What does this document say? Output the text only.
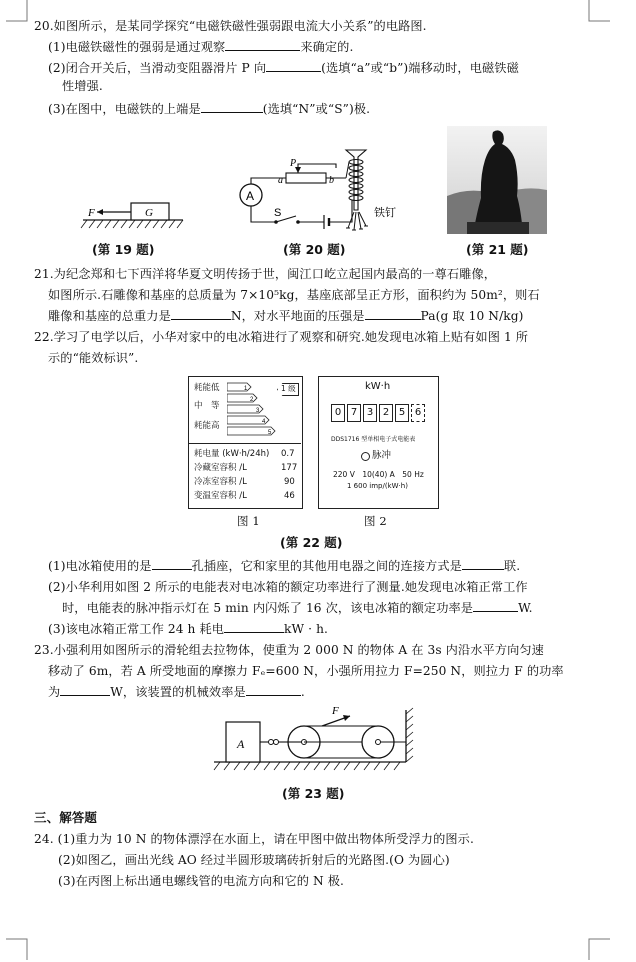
20.如图所示，是某同学探究“电磁铁磁性强弱跟电流大小关系”的电路图.
(1)电磁铁磁性的强弱是通过观察	来确定的.
(2)闭合开关后，当滑动变阻器滑片 P 向	(选填“a”或“b”)端移动时，电磁铁磁
性增强.
(3)在图中，电磁铁的上端是	(选填“N”或“S”)极.
F	G
(第 19 题)
A
S
a	b
P
铁钉
(第 20 题)	(第 21 题)
21.为纪念郑和七下西洋将华夏文明传扬于世，闽江口屹立起国内最高的一尊石雕像，
如图所示.石雕像和基座的总质量为 7×10⁵kg，基座底部呈正方形，面积约为 50m²，则石
雕像和基座的总重力是	N，对水平地面的压强是	Pa(g 取 10 N/kg)
22.学习了电学以后，小华对家中的电冰箱进行了观察和研究.她发现电冰箱上贴有如图 1 所
示的“能效标识”.
耗能低
中　等
耗能高
1 级
1
2
3
4
5
耗电量 (kW·h/24h) 0.7
冷藏室容积 /L	177
冷冻室容积 /L	90
变温室容积 /L	46
kW·h
0 7 3 2 5 6
DDS1716 型单相电子式电能表
脉冲
220 V　10(40) A　50 Hz
1 600 imp/(kW·h)
图 1	图 2
(第 22 题)
(1)电冰箱使用的是	孔插座，它和家里的其他用电器之间的连接方式是	联.
(2)小华利用如图 2 所示的电能表对电冰箱的额定功率进行了测量.她发现电冰箱正常工作
时，电能表的脉冲指示灯在 5 min 内闪烁了 16 次，该电冰箱的额定功率是	W.
(3)该电冰箱正常工作 24 h 耗电	kW · h.
23.小强利用如图所示的滑轮组去拉物体，使重为 2 000 N 的物体 A 在 3s 内沿水平方向匀速
移动了 6m，若 A 所受地面的摩擦力 Fₑ=600 N，小强所用拉力 F=250 N，则拉力 F 的功率
为	W，该装置的机械效率是	.
A
F
(第 23 题)
三、解答题
24. (1)重力为 10 N 的物体漂浮在水面上，请在甲图中做出物体所受浮力的图示.
(2)如图乙，画出光线 AO 经过半圆形玻璃砖折射后的光路图.(O 为圆心)
(3)在丙图上标出通电螺线管的电流方向和它的 N 极.
